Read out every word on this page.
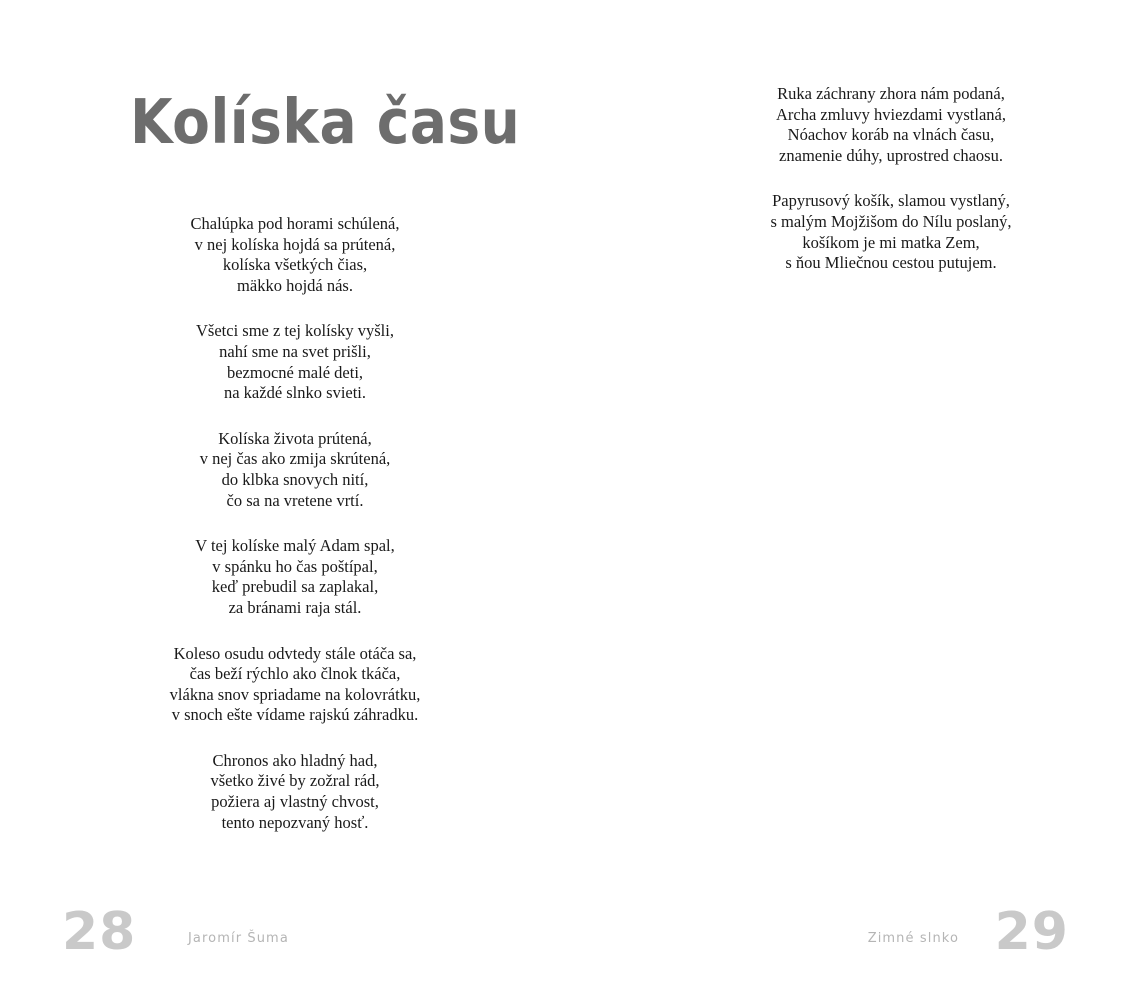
Kolíska času

Chalúpka pod horami schúlená,
v nej kolíska hojdá sa prútená,
kolíska všetkých čias,
mäkko hojdá nás.

Všetci sme z tej kolísky vyšli,
nahí sme na svet prišli,
bezmocné malé deti,
na každé slnko svieti.

Kolíska života prútená,
v nej čas ako zmija skrútená,
do klbka snovych nití,
čo sa na vretene vrtí.

V tej kolíske malý Adam spal,
v spánku ho čas poštípal,
keď prebudil sa zaplakal,
za bránami raja stál.

Koleso osudu odvtedy stále otáča sa,
čas beží rýchlo ako člnok tkáča,
vlákna snov spriadame na kolovrátku,
v snoch ešte vídame rajskú záhradku.

Chronos ako hladný had,
všetko živé by zožral rád,
požiera aj vlastný chvost,
tento nepozvaný hosť.

28	Jaromír Šuma

Ruka záchrany zhora nám podaná,
Archa zmluvy hviezdami vystlaná,
Nóachov koráb na vlnách času,
znamenie dúhy, uprostred chaosu.

Papyrusový košík, slamou vystlaný,
s malým Mojžišom do Nílu poslaný,
košíkom je mi matka Zem,
s ňou Mliečnou cestou putujem.

29
Zimné slnko
